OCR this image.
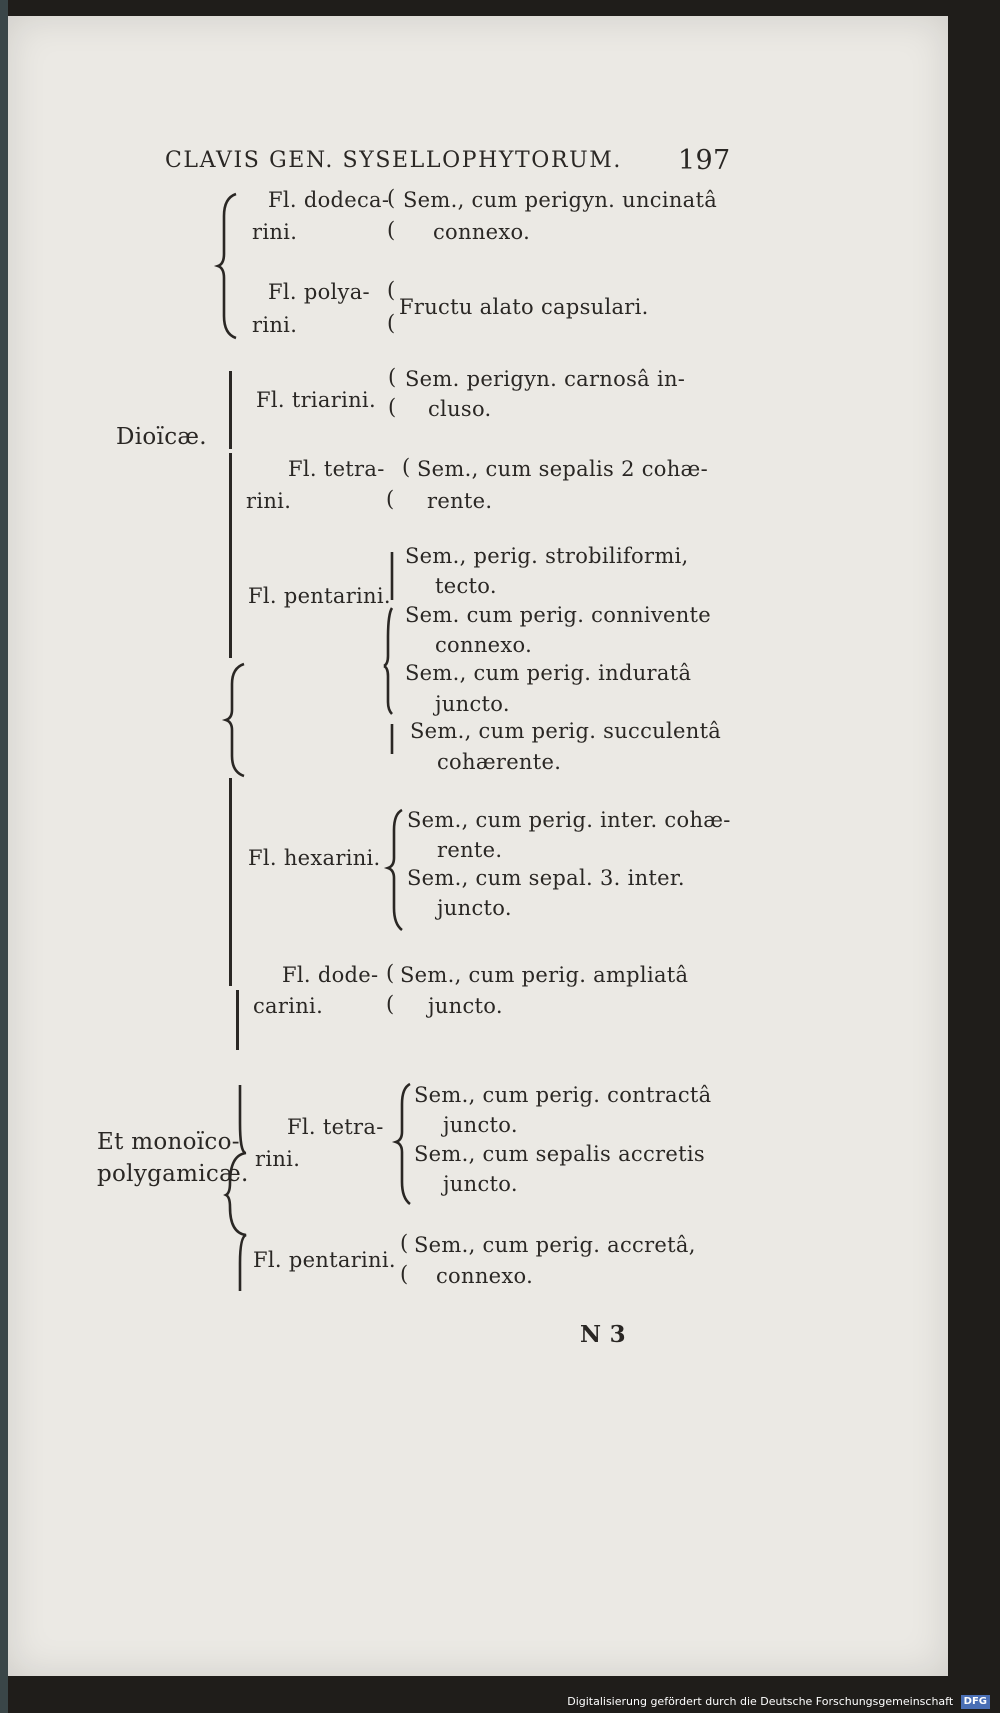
CLAVIS GEN. SYSELLOPHYTORUM. 197
Dioïcæ.
Et monoïco-
polygamicæ.
Fl. dodeca-
rini.
( Sem., cum perigyn. uncinatâ
( connexo.
Fl. polya-
rini.
(
(
Fructu alato capsulari.
Fl. triarini.
( Sem. perigyn. carnosâ in-
( cluso.
Fl. tetra-
rini.
( Sem., cum sepalis 2 cohæ-
( rente.
Fl. pentarini.
Sem., perig. strobiliformi,
tecto.
Sem. cum perig. connivente
connexo.
Sem., cum perig. induratâ
juncto.
Sem., cum perig. succulentâ
cohærente.
Fl. hexarini.
Sem., cum perig. inter. cohæ-
rente.
Sem., cum sepal. 3. inter.
juncto.
Fl. dode-
carini.
( Sem., cum perig. ampliatâ
( juncto.
Fl. tetra-
rini.
Sem., cum perig. contractâ
juncto.
Sem., cum sepalis accretis
juncto.
Fl. pentarini.
( Sem., cum perig. accretâ,
( connexo.
N 3
Digitalisierung gefördert durch die Deutsche Forschungsgemeinschaft DFG
